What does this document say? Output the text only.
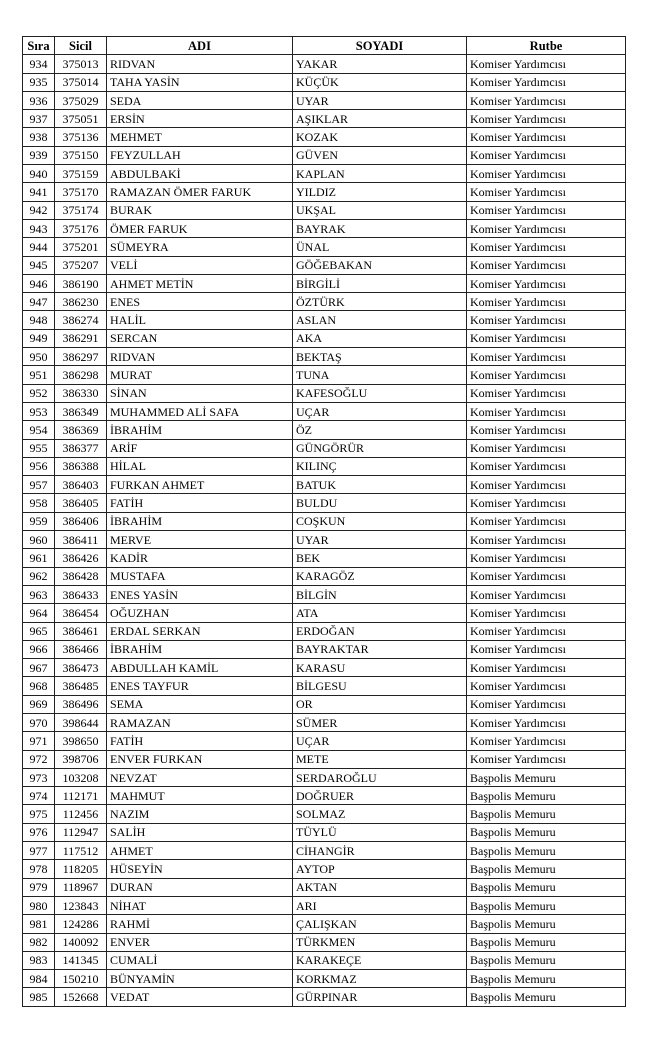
Sıra	Sicil	ADI	SOYADI	Rutbe
934	375013	RIDVAN	YAKAR	Komiser Yardımcısı
935	375014	TAHA YASİN	KÜÇÜK	Komiser Yardımcısı
936	375029	SEDA	UYAR	Komiser Yardımcısı
937	375051	ERSİN	AŞIKLAR	Komiser Yardımcısı
938	375136	MEHMET	KOZAK	Komiser Yardımcısı
939	375150	FEYZULLAH	GÜVEN	Komiser Yardımcısı
940	375159	ABDULBAKİ	KAPLAN	Komiser Yardımcısı
941	375170	RAMAZAN ÖMER FARUK	YILDIZ	Komiser Yardımcısı
942	375174	BURAK	UKŞAL	Komiser Yardımcısı
943	375176	ÖMER FARUK	BAYRAK	Komiser Yardımcısı
944	375201	SÜMEYRA	ÜNAL	Komiser Yardımcısı
945	375207	VELİ	GÖĞEBAKAN	Komiser Yardımcısı
946	386190	AHMET METİN	BİRGİLİ	Komiser Yardımcısı
947	386230	ENES	ÖZTÜRK	Komiser Yardımcısı
948	386274	HALİL	ASLAN	Komiser Yardımcısı
949	386291	SERCAN	AKA	Komiser Yardımcısı
950	386297	RIDVAN	BEKTAŞ	Komiser Yardımcısı
951	386298	MURAT	TUNA	Komiser Yardımcısı
952	386330	SİNAN	KAFESOĞLU	Komiser Yardımcısı
953	386349	MUHAMMED ALİ SAFA	UÇAR	Komiser Yardımcısı
954	386369	İBRAHİM	ÖZ	Komiser Yardımcısı
955	386377	ARİF	GÜNGÖRÜR	Komiser Yardımcısı
956	386388	HİLAL	KILINÇ	Komiser Yardımcısı
957	386403	FURKAN AHMET	BATUK	Komiser Yardımcısı
958	386405	FATİH	BULDU	Komiser Yardımcısı
959	386406	İBRAHİM	COŞKUN	Komiser Yardımcısı
960	386411	MERVE	UYAR	Komiser Yardımcısı
961	386426	KADİR	BEK	Komiser Yardımcısı
962	386428	MUSTAFA	KARAGÖZ	Komiser Yardımcısı
963	386433	ENES YASİN	BİLGİN	Komiser Yardımcısı
964	386454	OĞUZHAN	ATA	Komiser Yardımcısı
965	386461	ERDAL SERKAN	ERDOĞAN	Komiser Yardımcısı
966	386466	İBRAHİM	BAYRAKTAR	Komiser Yardımcısı
967	386473	ABDULLAH KAMİL	KARASU	Komiser Yardımcısı
968	386485	ENES TAYFUR	BİLGESU	Komiser Yardımcısı
969	386496	SEMA	OR	Komiser Yardımcısı
970	398644	RAMAZAN	SÜMER	Komiser Yardımcısı
971	398650	FATİH	UÇAR	Komiser Yardımcısı
972	398706	ENVER FURKAN	METE	Komiser Yardımcısı
973	103208	NEVZAT	SERDAROĞLU	Başpolis Memuru
974	112171	MAHMUT	DOĞRUER	Başpolis Memuru
975	112456	NAZIM	SOLMAZ	Başpolis Memuru
976	112947	SALİH	TÜYLÜ	Başpolis Memuru
977	117512	AHMET	CİHANGİR	Başpolis Memuru
978	118205	HÜSEYİN	AYTOP	Başpolis Memuru
979	118967	DURAN	AKTAN	Başpolis Memuru
980	123843	NİHAT	ARI	Başpolis Memuru
981	124286	RAHMİ	ÇALIŞKAN	Başpolis Memuru
982	140092	ENVER	TÜRKMEN	Başpolis Memuru
983	141345	CUMALİ	KARAKEÇE	Başpolis Memuru
984	150210	BÜNYAMİN	KORKMAZ	Başpolis Memuru
985	152668	VEDAT	GÜRPINAR	Başpolis Memuru
